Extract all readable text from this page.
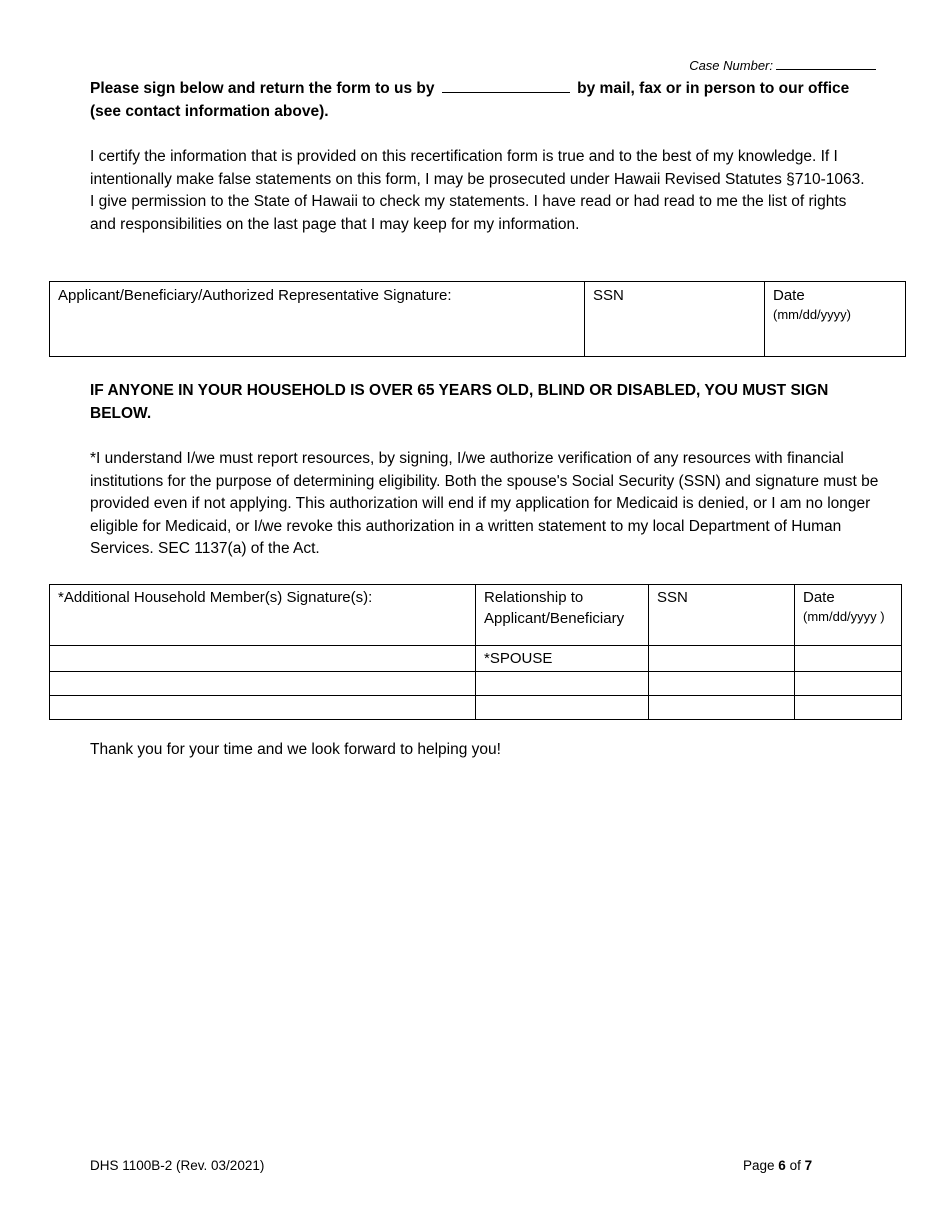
Case Number:
Please sign below and return the form to us by	by mail, fax or in person to our office (see contact information above).
I certify the information that is provided on this recertification form is true and to the best of my knowledge. If I intentionally make false statements on this form, I may be prosecuted under Hawaii Revised Statutes §710-1063. I give permission to the State of Hawaii to check my statements. I have read or had read to me the list of rights and responsibilities on the last page that I may keep for my information.
Applicant/Beneficiary/Authorized Representative Signature:	SSN	Date
(mm/dd/yyyy)
IF ANYONE IN YOUR HOUSEHOLD IS OVER 65 YEARS OLD, BLIND OR DISABLED, YOU MUST SIGN BELOW.
*I understand I/we must report resources, by signing, I/we authorize verification of any resources with financial institutions for the purpose of determining eligibility. Both the spouse's Social Security (SSN) and signature must be provided even if not applying. This authorization will end if my application for Medicaid is denied, or I am no longer eligible for Medicaid, or I/we revoke this authorization in a written statement to my local Department of Human Services. SEC 1137(a) of the Act.
*Additional Household Member(s) Signature(s):	Relationship to Applicant/Beneficiary	SSN	Date
(mm/dd/yyyy )

	*SPOUSE		

Thank you for your time and we look forward to helping you!
DHS 1100B-2 (Rev. 03/2021)	Page 6 of 7
